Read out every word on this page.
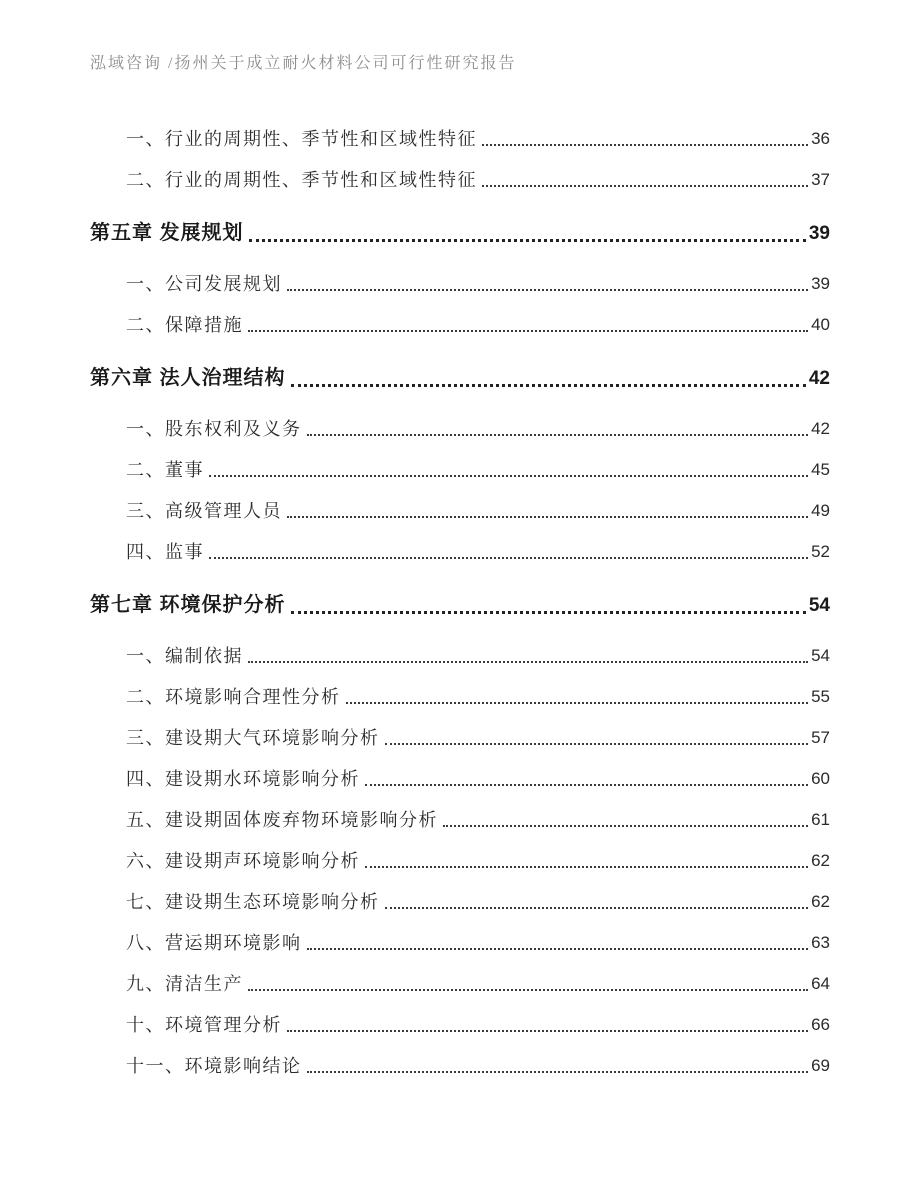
泓域咨询 /扬州关于成立耐火材料公司可行性研究报告
一、行业的周期性、季节性和区域性特征	36
二、行业的周期性、季节性和区域性特征	37
第五章 发展规划	39
一、公司发展规划	39
二、保障措施	40
第六章 法人治理结构	42
一、股东权利及义务	42
二、董事	45
三、高级管理人员	49
四、监事	52
第七章 环境保护分析	54
一、编制依据	54
二、环境影响合理性分析	55
三、建设期大气环境影响分析	57
四、建设期水环境影响分析	60
五、建设期固体废弃物环境影响分析	61
六、建设期声环境影响分析	62
七、建设期生态环境影响分析	62
八、营运期环境影响	63
九、清洁生产	64
十、环境管理分析	66
十一、环境影响结论	69
